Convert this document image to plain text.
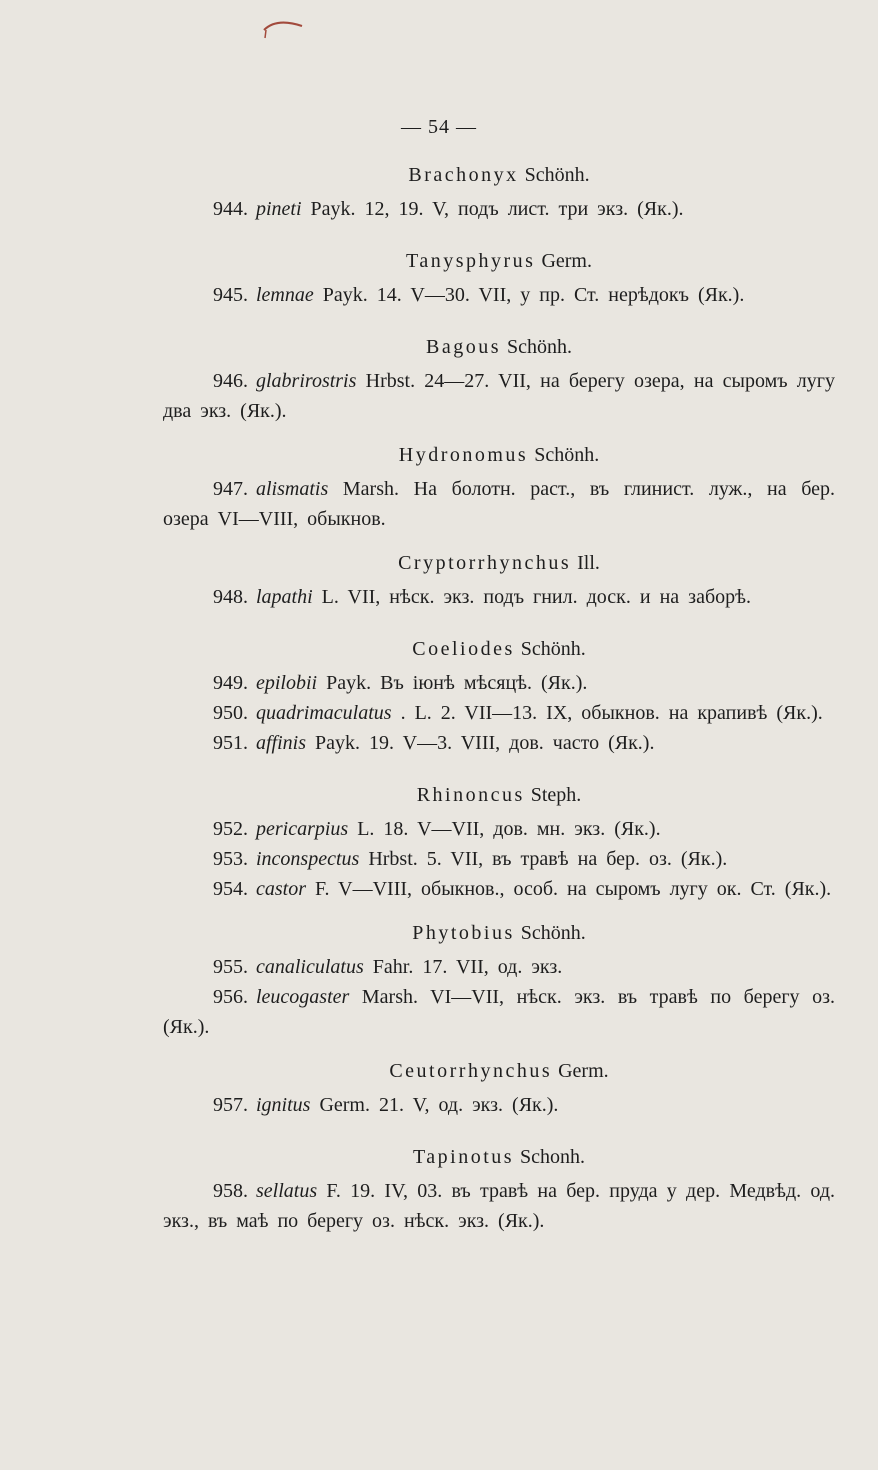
— 54 —
Brachonyx Schönh.

944. pineti Payk. 12, 19. V, подъ лист. три экз. (Як.).

Tanysphyrus Germ.

945. lemnae Payk. 14. V—30. VII, у пр. Ст. нерѣдокъ (Як.).

Bagous Schönh.

946. glabrirostris Hrbst. 24—27. VII, на берегу озера, на сыромъ лугу два экз. (Як.).

Hydronomus Schönh.

947. alismatis Marsh. На болотн. раст., въ глинист. луж., на бер. озера VI—VIII, обыкнов.

Cryptorrhynchus Ill.

948. lapathi L. VII, нѣск. экз. подъ гнил. доск. и на заборѣ.

Coeliodes Schönh.

949. epilobii Payk. Въ іюнѣ мѣсяцѣ. (Як.).

950. quadrimaculatus . L. 2. VII—13. IX, обыкнов. на крапивѣ (Як.).

951. affinis Payk. 19. V—3. VIII, дов. часто (Як.).

Rhinoncus Steph.

952. pericarpius L. 18. V—VII, дов. мн. экз. (Як.).

953. inconspectus Hrbst. 5. VII, въ травѣ на бер. оз. (Як.).

954. castor F. V—VIII, обыкнов., особ. на сыромъ лугу ок. Ст. (Як.).

Phytobius Schönh.

955. canaliculatus Fahr. 17. VII, од. экз.

956. leucogaster Marsh. VI—VII, нѣск. экз. въ травѣ по берегу оз. (Як.).

Ceutorrhynchus Germ.

957. ignitus Germ. 21. V, од. экз. (Як.).

Tapinotus Schonh.

958. sellatus F. 19. IV, 03. въ травѣ на бер. пруда у дер. Медвѣд. од. экз., въ маѣ по берегу оз. нѣск. экз. (Як.).
